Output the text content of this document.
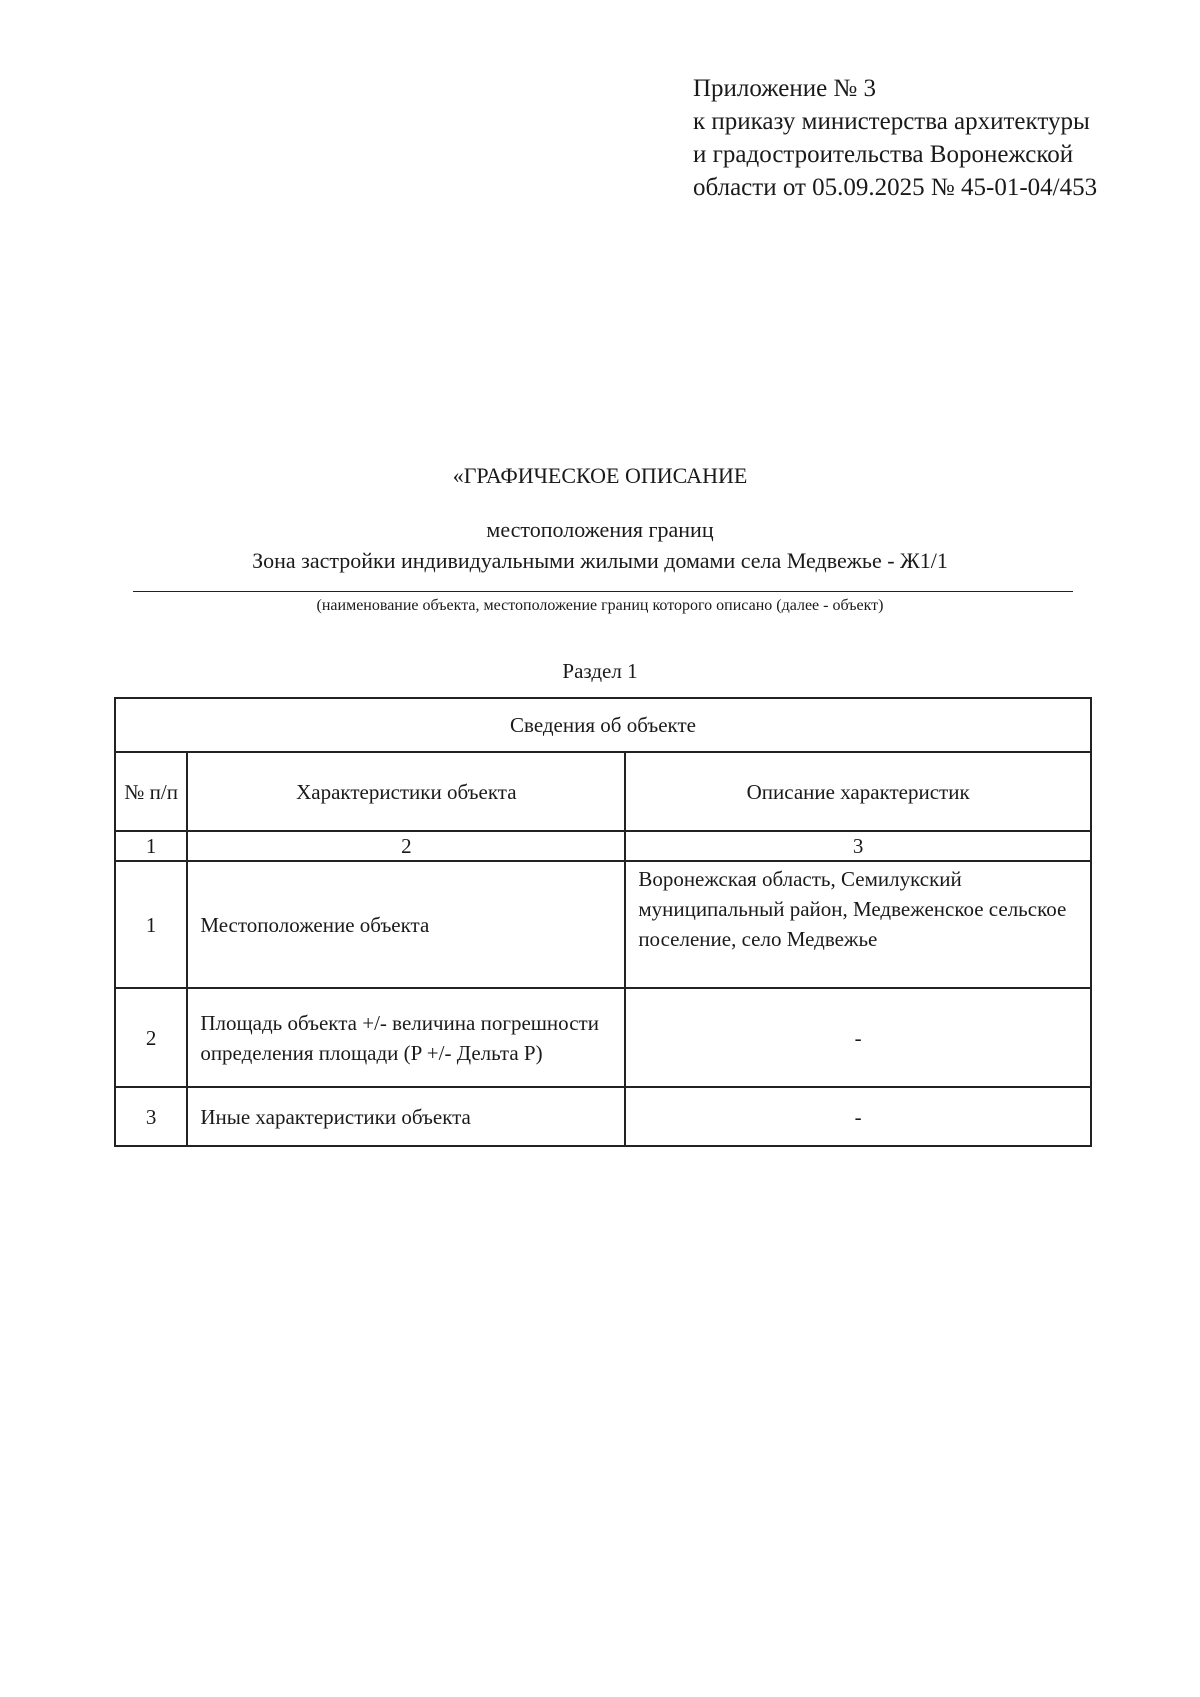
Приложение № 3
к приказу министерства архитектуры
и градостроительства Воронежской
области от 05.09.2025 № 45-01-04/453
«ГРАФИЧЕСКОЕ ОПИСАНИЕ
местоположения границ
Зона застройки индивидуальными жилыми домами села Медвежье - Ж1/1
(наименование объекта, местоположение границ которого описано (далее - объект)
Раздел 1
Сведения об объекте		
№ п/п	Характеристики объекта	Описание характеристик
1	2	3
1	Местоположение объекта	Воронежская область, Семилукский муниципальный район, Медвеженское сельское поселение, село Медвежье
2	Площадь объекта +/- величина погрешности определения площади (P +/- Дельта P)	-
3	Иные характеристики объекта	-
